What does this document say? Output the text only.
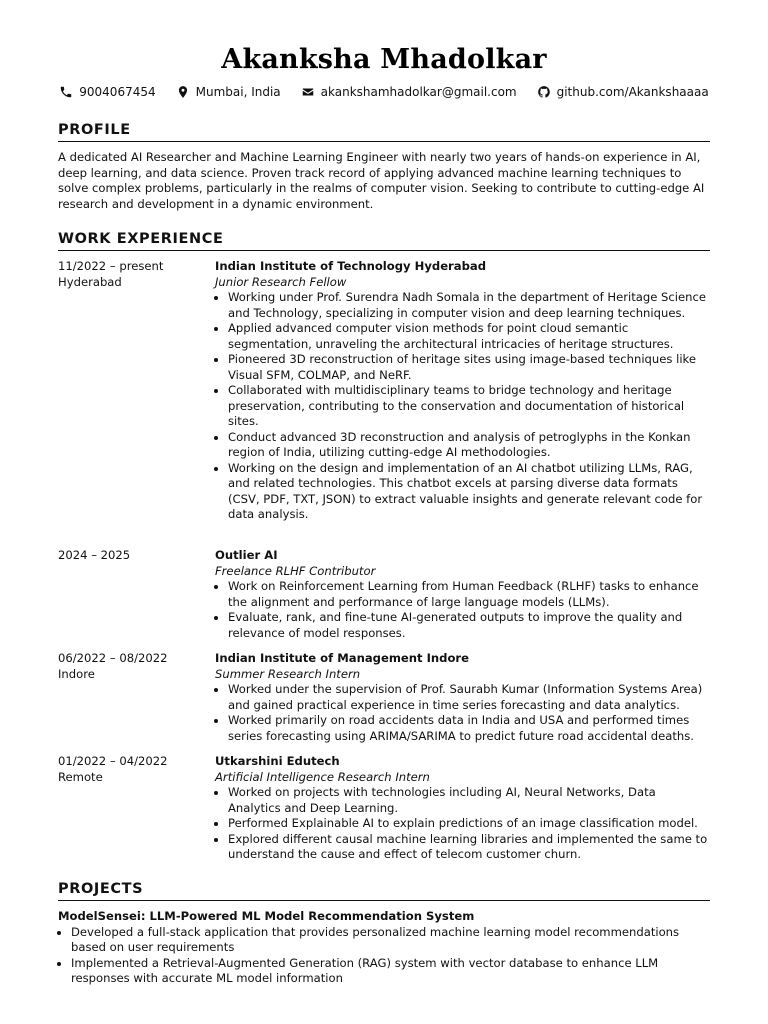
Akanksha Mhadolkar
9004067454	Mumbai, India	akankshamhadolkar@gmail.com	github.com/Akankshaaaa
PROFILE

A dedicated AI Researcher and Machine Learning Engineer with nearly two years of hands-on experience in AI, deep learning, and data science. Proven track record of applying advanced machine learning techniques to solve complex problems, particularly in the realms of computer vision. Seeking to contribute to cutting-edge AI research and development in a dynamic environment.

WORK EXPERIENCE
11/2022 – present
Hyderabad
Indian Institute of Technology Hyderabad
Junior Research Fellow
• Working under Prof. Surendra Nadh Somala in the department of Heritage Science and Technology, specializing in computer vision and deep learning techniques.
• Applied advanced computer vision methods for point cloud semantic segmentation, unraveling the architectural intricacies of heritage structures.
• Pioneered 3D reconstruction of heritage sites using image-based techniques like Visual SFM, COLMAP, and NeRF.
• Collaborated with multidisciplinary teams to bridge technology and heritage preservation, contributing to the conservation and documentation of historical sites.
• Conduct advanced 3D reconstruction and analysis of petroglyphs in the Konkan region of India, utilizing cutting-edge AI methodologies.
• Working on the design and implementation of an AI chatbot utilizing LLMs, RAG, and related technologies. This chatbot excels at parsing diverse data formats (CSV, PDF, TXT, JSON) to extract valuable insights and generate relevant code for data analysis.
2024 – 2025	Outlier AI
Freelance RLHF Contributor
• Work on Reinforcement Learning from Human Feedback (RLHF) tasks to enhance the alignment and performance of large language models (LLMs).
• Evaluate, rank, and fine-tune AI-generated outputs to improve the quality and relevance of model responses.
06/2022 – 08/2022
Indore
Indian Institute of Management Indore
Summer Research Intern
• Worked under the supervision of Prof. Saurabh Kumar (Information Systems Area) and gained practical experience in time series forecasting and data analytics.
• Worked primarily on road accidents data in India and USA and performed times series forecasting using ARIMA/SARIMA to predict future road accidental deaths.
01/2022 – 04/2022
Remote
Utkarshini Edutech
Artificial Intelligence Research Intern
• Worked on projects with technologies including AI, Neural Networks, Data Analytics and Deep Learning.
• Performed Explainable AI to explain predictions of an image classification model.
• Explored different causal machine learning libraries and implemented the same to understand the cause and effect of telecom customer churn.
PROJECTS
ModelSensei: LLM-Powered ML Model Recommendation System
• Developed a full-stack application that provides personalized machine learning model recommendations based on user requirements
• Implemented a Retrieval-Augmented Generation (RAG) system with vector database to enhance LLM responses with accurate ML model information
